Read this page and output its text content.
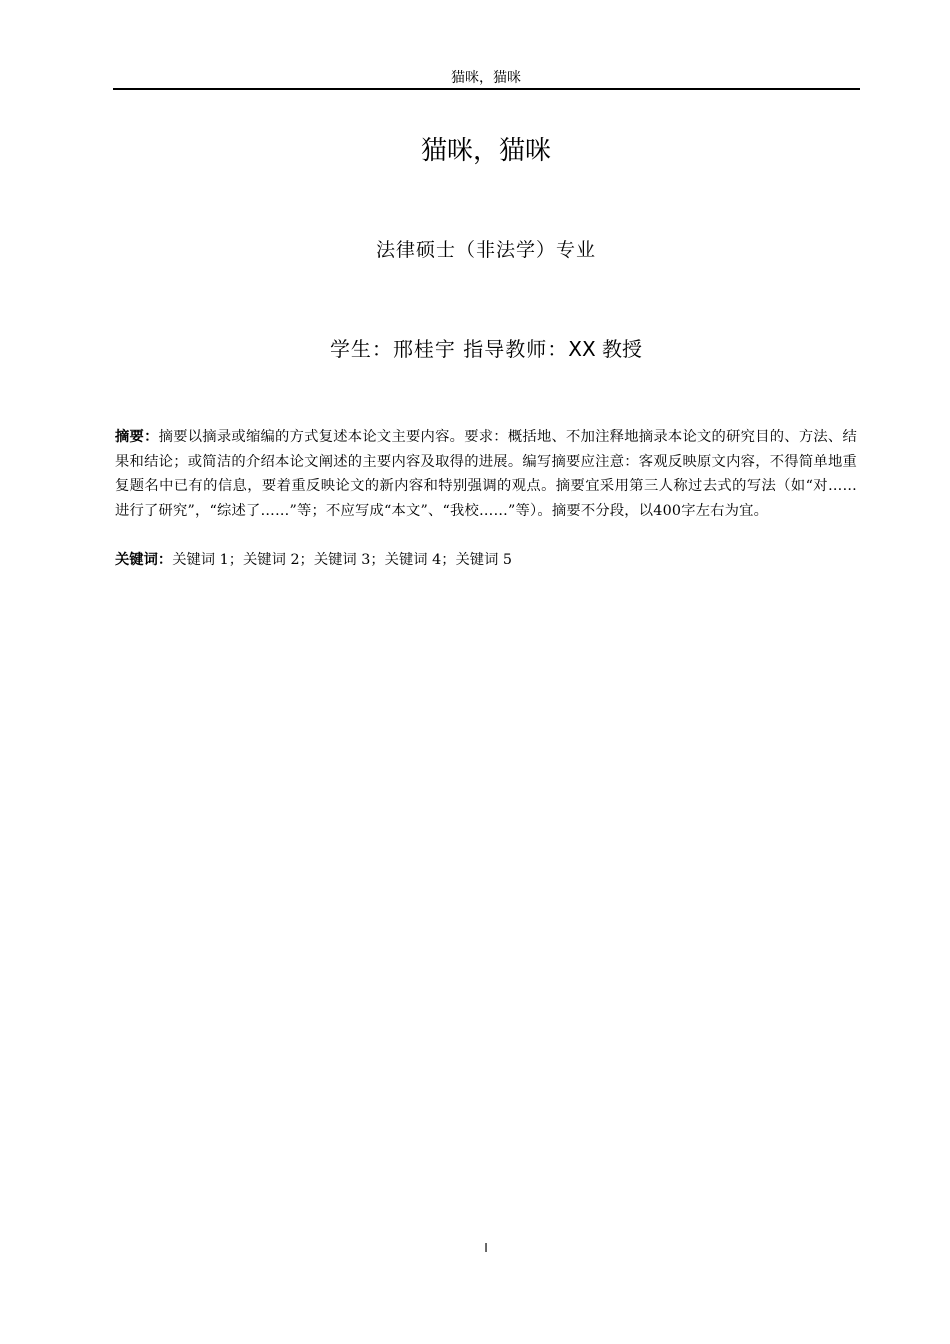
猫咪，猫咪
猫咪，猫咪
法律硕士（非法学）专业
学生：邢桂宇 指导教师：XX 教授
摘要：摘要以摘录或缩编的方式复述本论文主要内容。要求：概括地、不加注释地摘录本论文的研究目的、方法、结果和结论；或简洁的介绍本论文阐述的主要内容及取得的进展。编写摘要应注意：客观反映原文内容，不得简单地重复题名中已有的信息，要着重反映论文的新内容和特别强调的观点。摘要宜采用第三人称过去式的写法（如“对……进行了研究”，“综述了……”等；不应写成“本文”、“我校……”等）。摘要不分段，以400字左右为宜。
关键词：关键词 1；关键词 2；关键词 3；关键词 4；关键词 5
I
